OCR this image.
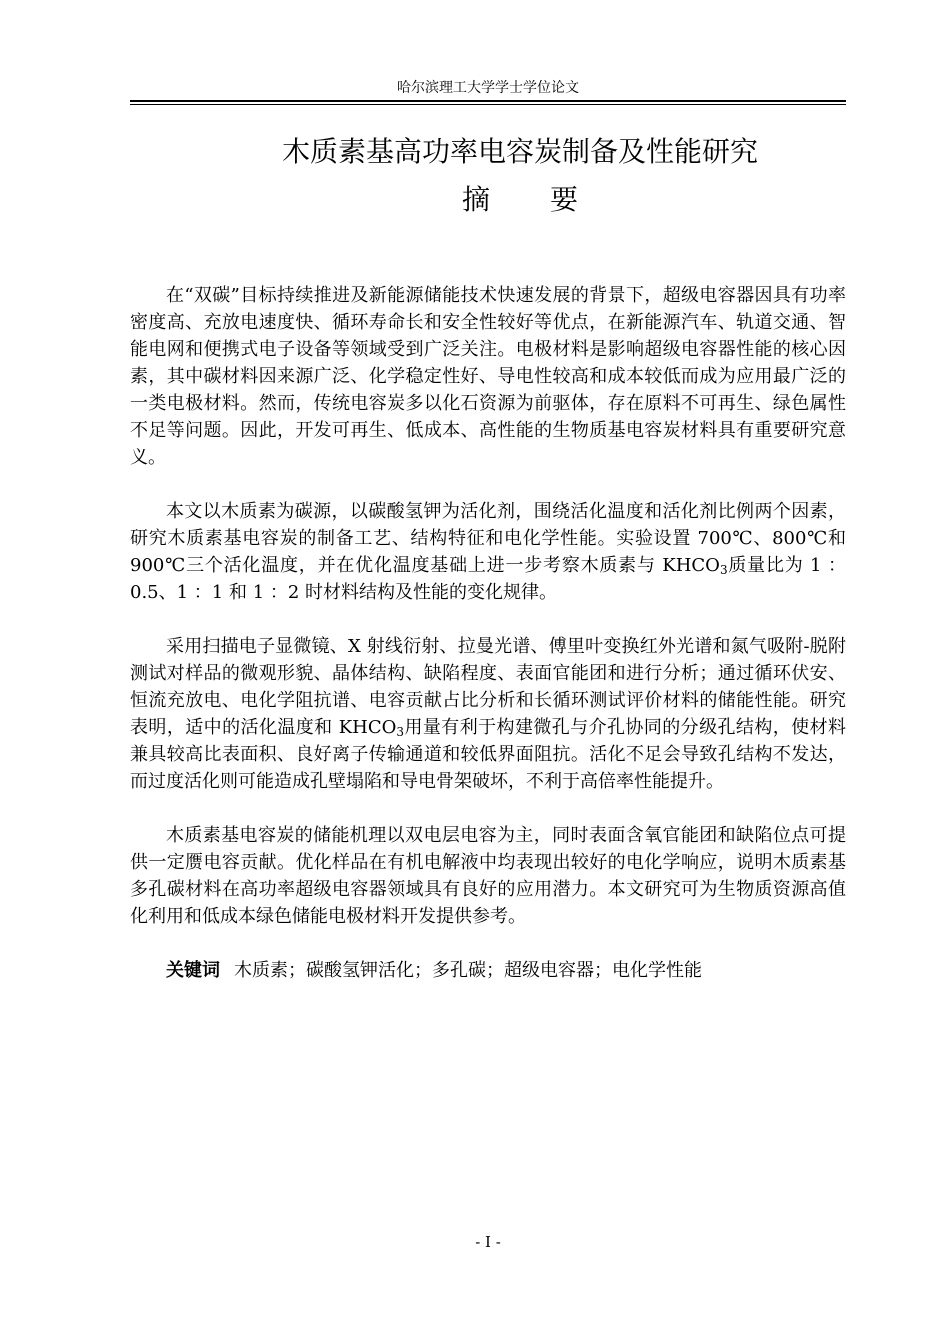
哈尔滨理工大学学士学位论文
木质素基高功率电容炭制备及性能研究
摘要

在“双碳”目标持续推进及新能源储能技术快速发展的背景下，超级电容器因具有功率密度高、充放电速度快、循环寿命长和安全性较好等优点，在新能源汽车、轨道交通、智能电网和便携式电子设备等领域受到广泛关注。电极材料是影响超级电容器性能的核心因素，其中碳材料因来源广泛、化学稳定性好、导电性较高和成本较低而成为应用最广泛的一类电极材料。然而，传统电容炭多以化石资源为前驱体，存在原料不可再生、绿色属性不足等问题。因此，开发可再生、低成本、高性能的生物质基电容炭材料具有重要研究意义。

本文以木质素为碳源，以碳酸氢钾为活化剂，围绕活化温度和活化剂比例两个因素，研究木质素基电容炭的制备工艺、结构特征和电化学性能。实验设置 700℃、800℃和 900℃三个活化温度，并在优化温度基础上进一步考察木质素与 $KHCO_3$质量比为 1 ：0.5、1 ：1 和 1 ：2 时材料结构及性能的变化规律。

采用扫描电子显微镜、X 射线衍射、拉曼光谱、傅里叶变换红外光谱和氮气吸附-脱附测试对样品的微观形貌、晶体结构、缺陷程度、表面官能团和进行分析；通过循环伏安、恒流充放电、电化学阻抗谱、电容贡献占比分析和长循环测试评价材料的储能性能。研究表明，适中的活化温度和 $KHCO_3$用量有利于构建微孔与介孔协同的分级孔结构，使材料兼具较高比表面积、良好离子传输通道和较低界面阻抗。活化不足会导致孔结构不发达，而过度活化则可能造成孔壁塌陷和导电骨架破坏，不利于高倍率性能提升。

木质素基电容炭的储能机理以双电层电容为主，同时表面含氧官能团和缺陷位点可提供一定赝电容贡献。优化样品在有机电解液中均表现出较好的电化学响应，说明木质素基多孔碳材料在高功率超级电容器领域具有良好的应用潜力。本文研究可为生物质资源高值化利用和低成本绿色储能电极材料开发提供参考。

关键词 木质素；碳酸氢钾活化；多孔碳；超级电容器；电化学性能

- I -
